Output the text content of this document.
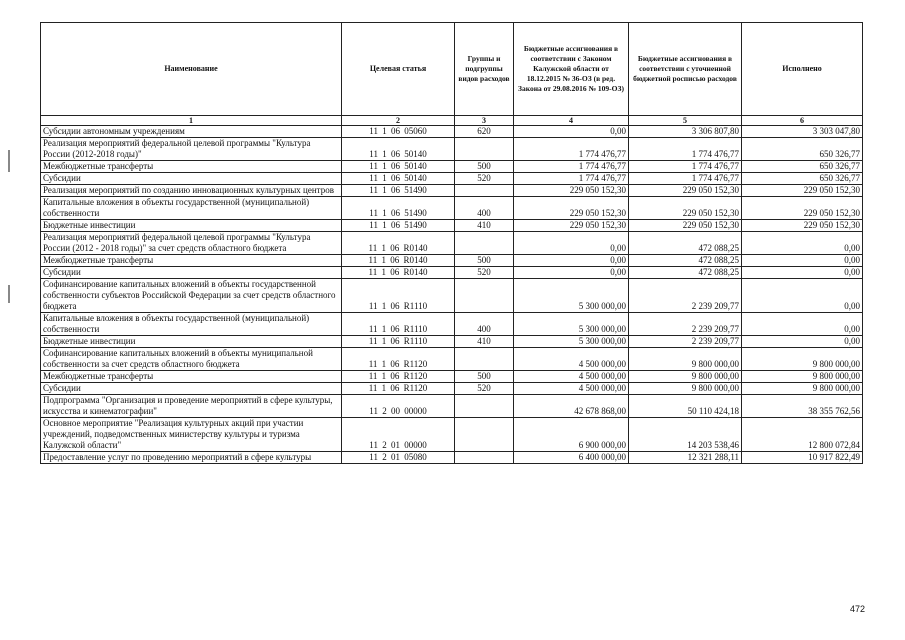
Наименование	Целевая статья	Группы и подгруппы видов расходов	Бюджетные ассигнования в соответствии с Законом Калужской области от 18.12.2015 № 36-ОЗ (в ред. Закона от 29.08.2016 № 109-ОЗ)	Бюджетные ассигнования в соответствии с уточненной бюджетной росписью расходов	Исполнено
1	2	3	4	5	6
Субсидии автономным учреждениям	11 1 06 05060	620	0,00	3 306 807,80	3 303 047,80
Реализация мероприятий федеральной целевой программы "Культура России (2012-2018 годы)"	11 1 06 50140		1 774 476,77	1 774 476,77	650 326,77
Межбюджетные трансферты	11 1 06 50140	500	1 774 476,77	1 774 476,77	650 326,77
Субсидии	11 1 06 50140	520	1 774 476,77	1 774 476,77	650 326,77
Реализация мероприятий по созданию инновационных культурных центров	11 1 06 51490		229 050 152,30	229 050 152,30	229 050 152,30
Капитальные вложения в объекты государственной (муниципальной) собственности	11 1 06 51490	400	229 050 152,30	229 050 152,30	229 050 152,30
Бюджетные инвестиции	11 1 06 51490	410	229 050 152,30	229 050 152,30	229 050 152,30
Реализация мероприятий федеральной целевой программы "Культура России (2012 - 2018 годы)" за счет средств областного бюджета	11 1 06 R0140		0,00	472 088,25	0,00
Межбюджетные трансферты	11 1 06 R0140	500	0,00	472 088,25	0,00
Субсидии	11 1 06 R0140	520	0,00	472 088,25	0,00
Софинансирование капитальных вложений в объекты государственной собственности субъектов Российской Федерации за счет средств областного бюджета	11 1 06 R1110		5 300 000,00	2 239 209,77	0,00
Капитальные вложения в объекты государственной (муниципальной) собственности	11 1 06 R1110	400	5 300 000,00	2 239 209,77	0,00
Бюджетные инвестиции	11 1 06 R1110	410	5 300 000,00	2 239 209,77	0,00
Софинансирование капитальных вложений в объекты муниципальной собственности за счет средств областного бюджета	11 1 06 R1120		4 500 000,00	9 800 000,00	9 800 000,00
Межбюджетные трансферты	11 1 06 R1120	500	4 500 000,00	9 800 000,00	9 800 000,00
Субсидии	11 1 06 R1120	520	4 500 000,00	9 800 000,00	9 800 000,00
Подпрограмма "Организация и проведение мероприятий в сфере культуры, искусства и кинематографии"	11 2 00 00000		42 678 868,00	50 110 424,18	38 355 762,56
Основное мероприятие "Реализация культурных акций при участии учреждений, подведомственных министерству культуры и туризма Калужской области"	11 2 01 00000		6 900 000,00	14 203 538,46	12 800 072,84
Предоставление услуг по проведению мероприятий в сфере культуры	11 2 01 05080		6 400 000,00	12 321 288,11	10 917 822,49
472
